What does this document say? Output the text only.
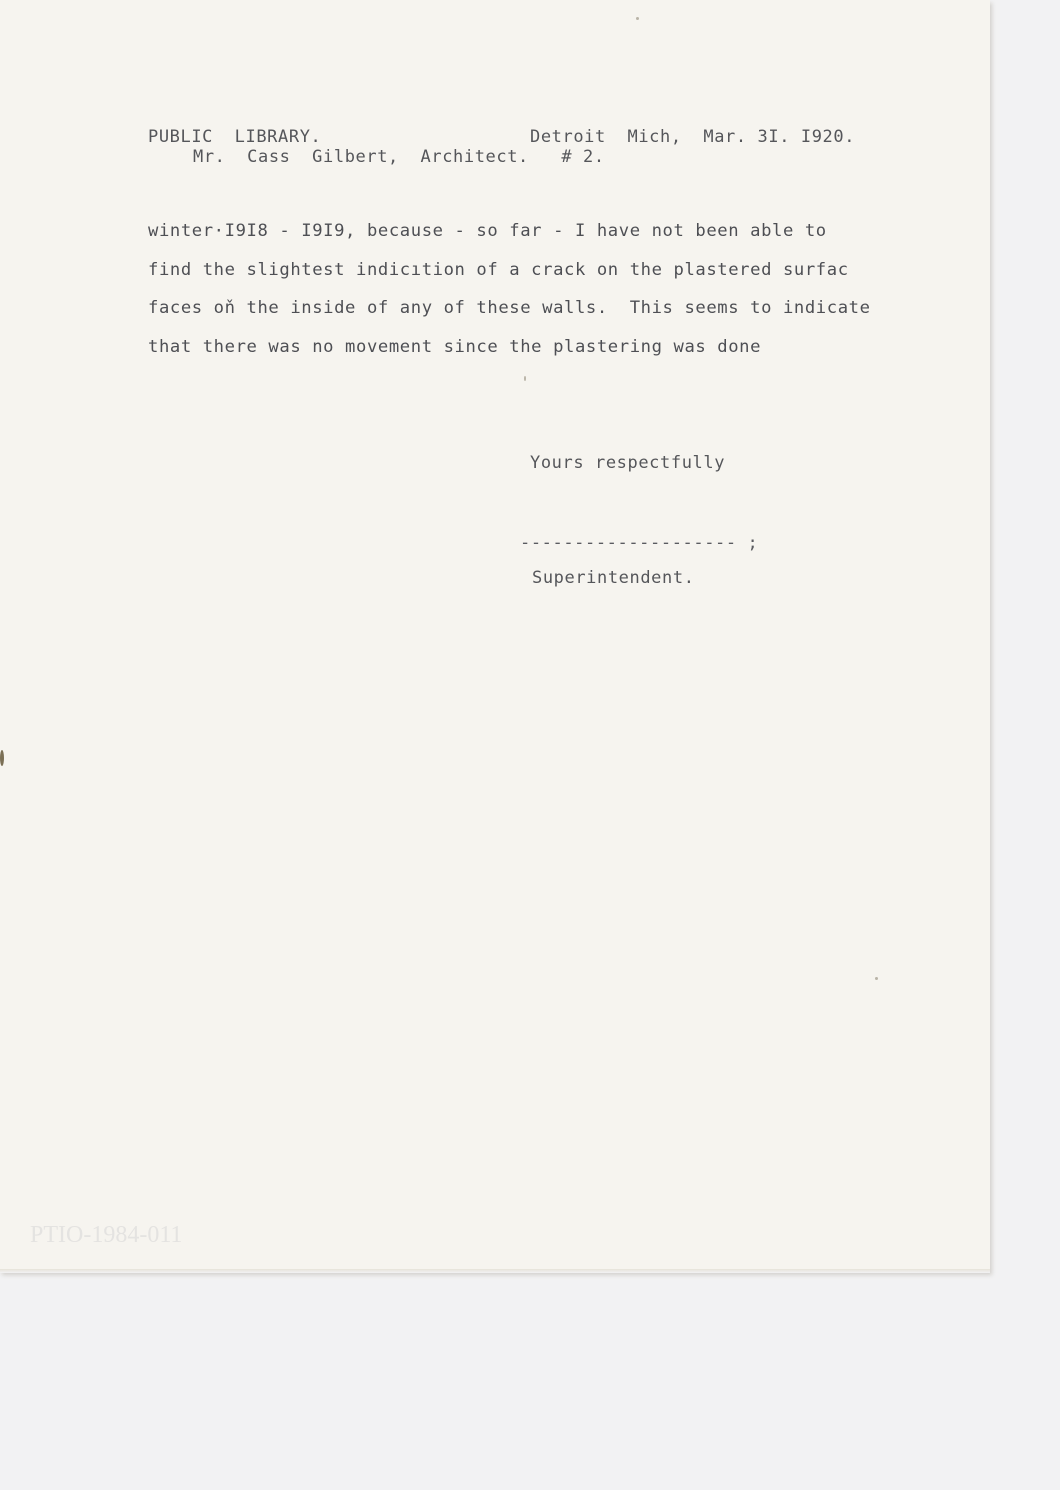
PUBLIC  LIBRARY.	Detroit  Mich,  Mar. 3I. I920.
Mr.  Cass  Gilbert,  Architect.   # 2.
winter·I9I8 - I9I9, because - so far - I have not been able to
find the slightest indicıtion of a crack on the plastered surfac
faces oň the inside of any of these walls.  This seems to indicate
that there was no movement since the plastering was done
Yours respectfully
-------------------- ;
Superintendent.
PTIO-1984-011
